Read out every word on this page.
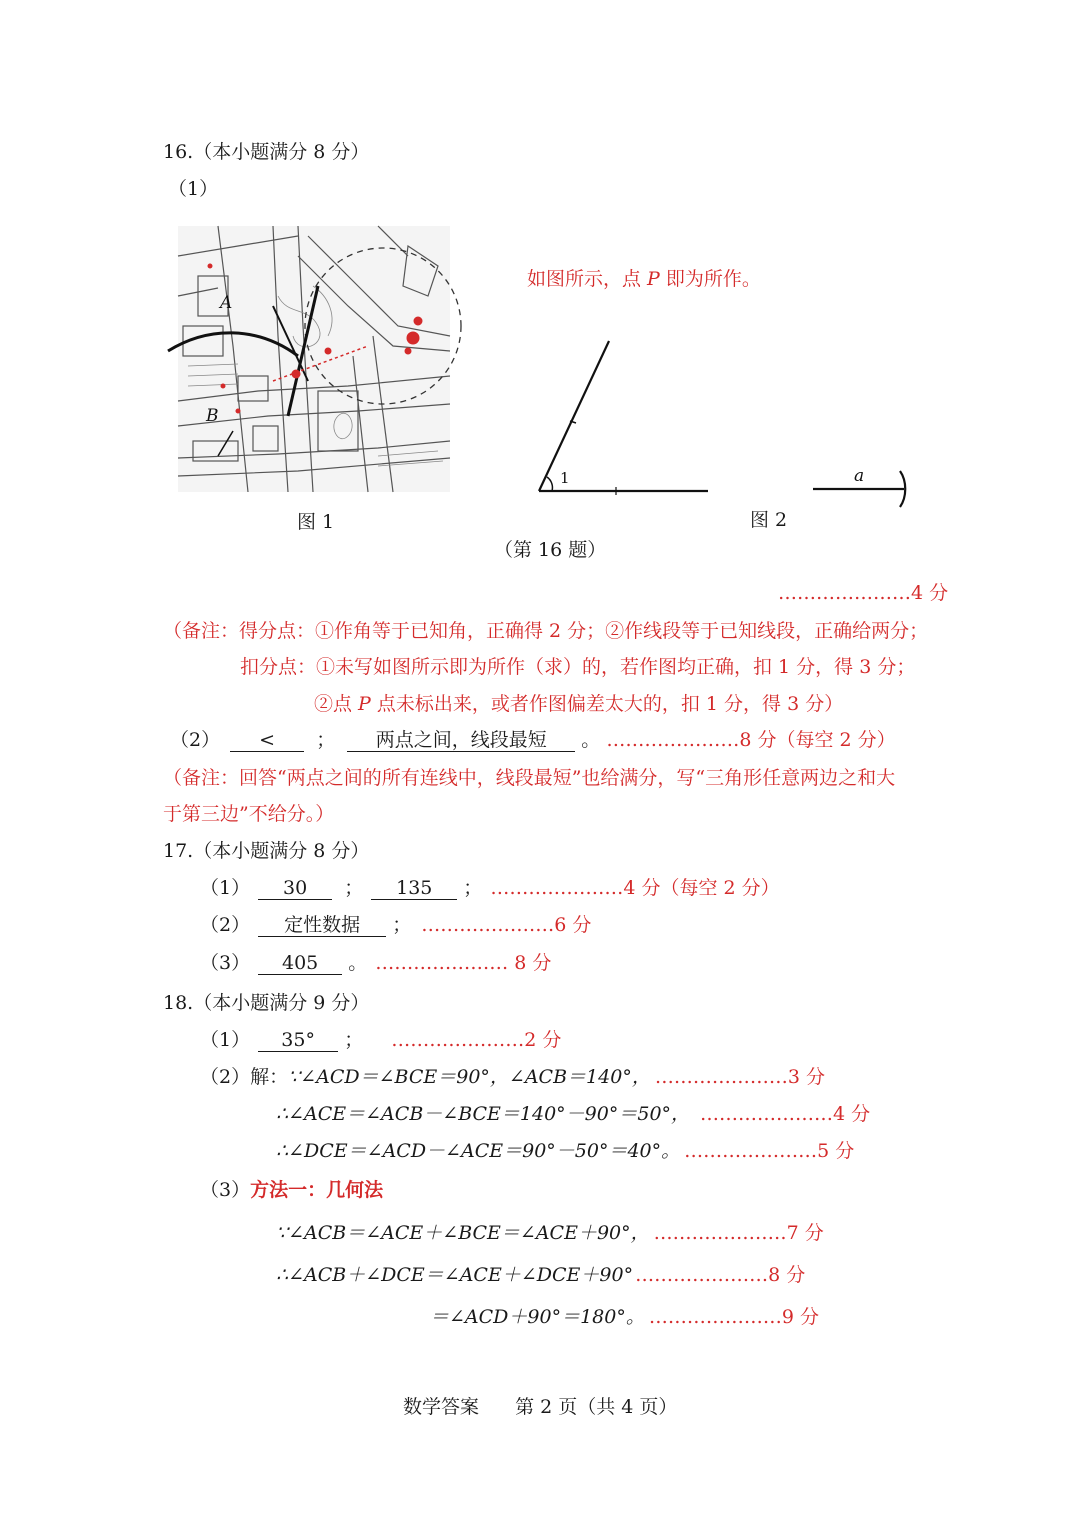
16.（本小题满分 8 分）
（1）
A
B
图 1
如图所示，点 P 即为所作。
1	a
图 2
（第 16 题）
…………………4 分
（备注：得分点：①作角等于已知角，正确得 2 分；②作线段等于已知线段，正确给两分；
扣分点：①未写如图所示即为所作（求）的，若作图均正确，扣 1 分，得 3 分；
②点 P 点未标出来，或者作图偏差太大的，扣 1 分，得 3 分）
（2） < ； 两点之间，线段最短 。 …………………8 分（每空 2 分）
（备注：回答“两点之间的所有连线中，线段最短”也给满分，写“三角形任意两边之和大
于第三边”不给分。）
17.（本小题满分 8 分）
（1） 30 ； 135 ； …………………4 分（每空 2 分）
（2） 定性数据 ； …………………6 分
（3） 405 。 ………………… 8 分
18.（本小题满分 9 分）
（1） 35° ； …………………2 分
（2）解：∵∠ACD＝∠BCE＝90°，∠ACB＝140°， …………………3 分
∴∠ACE＝∠ACB－∠BCE＝140°－90°＝50°， …………………4 分
∴∠DCE＝∠ACD－∠ACE＝90°－50°＝40°。 …………………5 分
（3）方法一：几何法
∵∠ACB＝∠ACE＋∠BCE＝∠ACE＋90°， …………………7 分
∴∠ACB＋∠DCE＝∠ACE＋∠DCE＋90° …………………8 分
＝∠ACD＋90°＝180°。 …………………9 分
数学答案 第 2 页（共 4 页）
